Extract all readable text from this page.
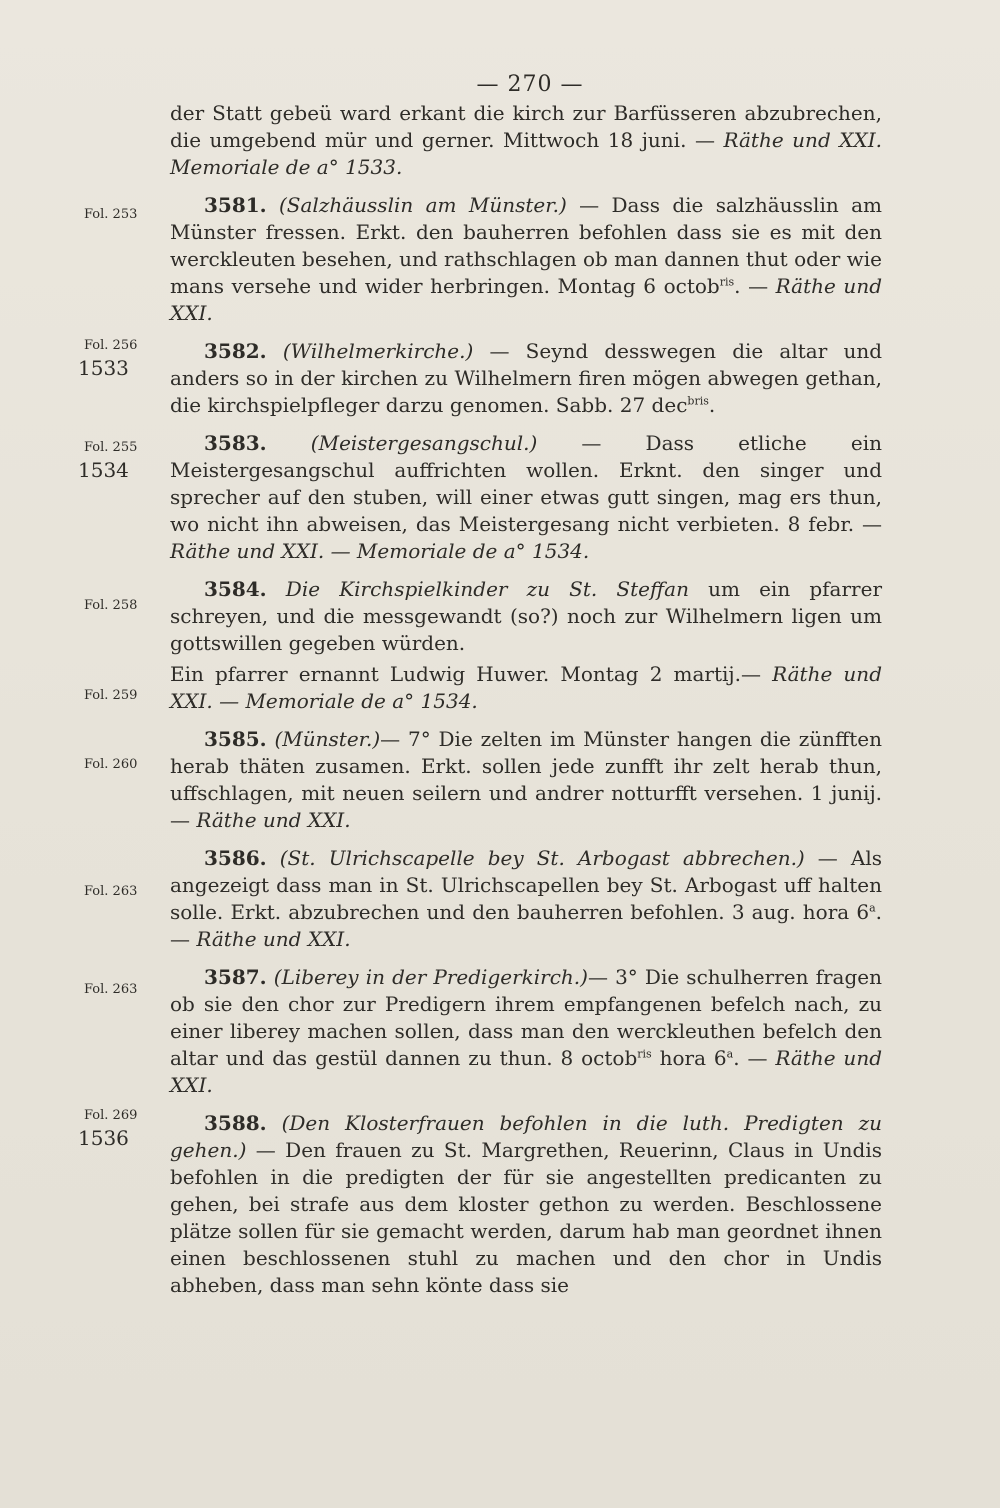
— 270 —
Fol. 253
Fol. 256
1533
Fol. 255
1534
Fol. 258
Fol. 259
Fol. 260
Fol. 263
Fol. 263
Fol. 269
1536

der Statt gebeü ward erkant die kirch zur Barfüsseren abzubrechen, die umgebend mür und gerner. Mittwoch 18 juni. — Räthe und XXI. Memoriale de a° 1533.

3581. (Salzhäusslin am Münster.) — Dass die salzhäusslin am Münster fressen. Erkt. den bauherren befohlen dass sie es mit den werckleuten besehen, und rathschlagen ob man dannen thut oder wie mans versehe und wider herbringen. Montag 6 octob$^{ris}$. — Räthe und XXI.

3582. (Wilhelmerkirche.) — Seynd desswegen die altar und anders so in der kirchen zu Wilhelmern firen mögen abwegen gethan, die kirchspielpfleger darzu genomen. Sabb. 27 dec$^{bris}$.

3583. (Meistergesangschul.) — Dass etliche ein Meistergesangschul auffrichten wollen. Erknt. den singer und sprecher auf den stuben, will einer etwas gutt singen, mag ers thun, wo nicht ihn abweisen, das Meistergesang nicht verbieten. 8 febr. — Räthe und XXI. — Memoriale de a° 1534.

3584. Die Kirchspielkinder zu St. Steffan um ein pfarrer schreyen, und die messgewandt (so?) noch zur Wilhelmern ligen um gottswillen gegeben würden.

Ein pfarrer ernannt Ludwig Huwer. Montag 2 martij.— Räthe und XXI. — Memoriale de a° 1534.

3585. (Münster.)— 7° Die zelten im Münster hangen die zünfften herab thäten zusamen. Erkt. sollen jede zunfft ihr zelt herab thun, uffschlagen, mit neuen seilern und andrer notturfft versehen. 1 junij. — Räthe und XXI.

3586. (St. Ulrichscapelle bey St. Arbogast abbrechen.) — Als angezeigt dass man in St. Ulrichscapellen bey St. Arbogast uff halten solle. Erkt. abzubrechen und den bauherren befohlen. 3 aug. hora 6$^a$. — Räthe und XXI.

3587. (Liberey in der Predigerkirch.)— 3° Die schulherren fragen ob sie den chor zur Predigern ihrem empfangenen befelch nach, zu einer liberey machen sollen, dass man den werckleuthen befelch den altar und das gestül dannen zu thun. 8 octob$^{ris}$ hora 6$^a$. — Räthe und XXI.

3588. (Den Klosterfrauen befohlen in die luth. Predigten zu gehen.) — Den frauen zu St. Margrethen, Reuerinn, Claus in Undis befohlen in die predigten der für sie angestellten predicanten zu gehen, bei strafe aus dem kloster gethon zu werden. Beschlossene plätze sollen für sie gemacht werden, darum hab man geordnet ihnen einen beschlossenen stuhl zu machen und den chor in Undis abheben, dass man sehn könte dass sie
